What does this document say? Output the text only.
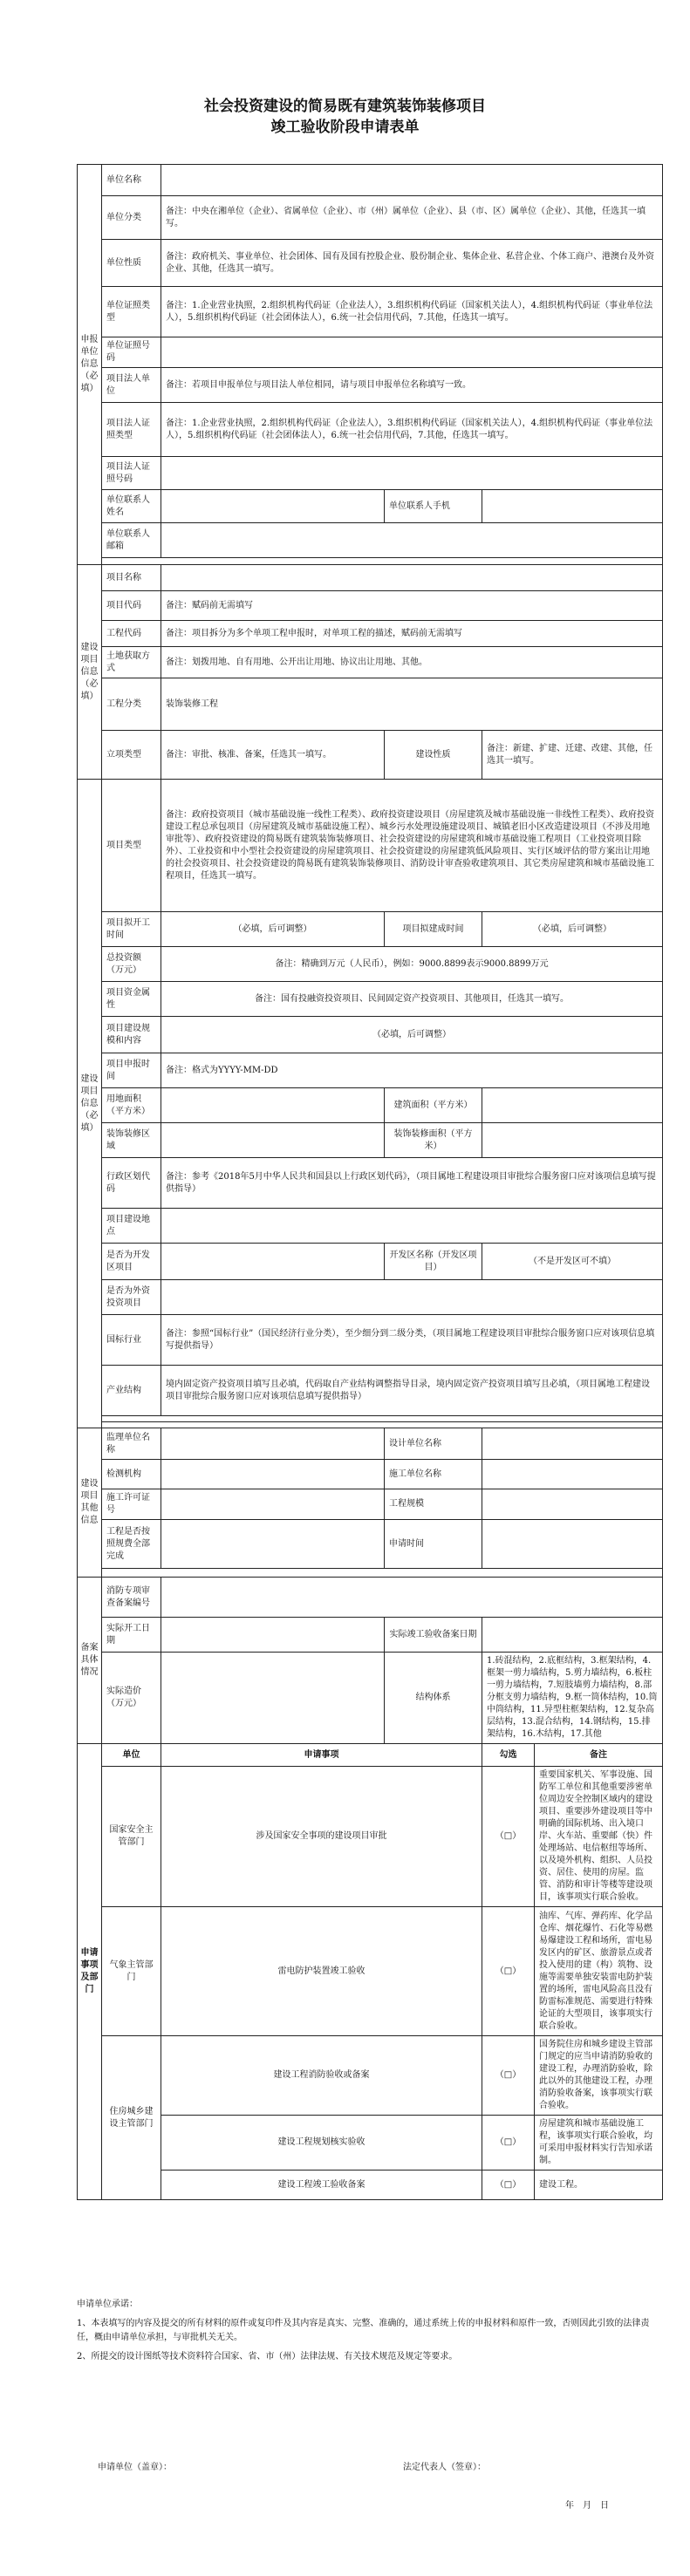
社会投资建设的简易既有建筑装饰装修项目
竣工验收阶段申请表单
申报单位信息（必填）	单位名称				
	单位分类	备注：中央在湘单位（企业）、省属单位（企业）、市（州）属单位（企业）、县（市、区）属单位（企业）、其他，任选其一填写。			
	单位性质	备注：政府机关、事业单位、社会团体、国有及国有控股企业、股份制企业、集体企业、私营企业、个体工商户、港澳台及外资企业、其他，任选其一填写。			
	单位证照类型	备注：1.企业营业执照，2.组织机构代码证（企业法人），3.组织机构代码证（国家机关法人），4.组织机构代码证（事业单位法人），5.组织机构代码证（社会团体法人），6.统一社会信用代码，7.其他，任选其一填写。			
	单位证照号码				
	项目法人单位	备注：若项目申报单位与项目法人单位相同，请与项目申报单位名称填写一致。			
	项目法人证照类型	备注：1.企业营业执照，2.组织机构代码证（企业法人），3.组织机构代码证（国家机关法人），4.组织机构代码证（事业单位法人），5.组织机构代码证（社会团体法人），6.统一社会信用代码，7.其他，任选其一填写。			
	项目法人证照号码				
	单位联系人姓名		单位联系人手机		
	单位联系人邮箱				

建设项目信息（必填）	项目名称				
	项目代码	备注：赋码前无需填写			
	工程代码	备注：项目拆分为多个单项工程申报时，对单项工程的描述，赋码前无需填写			
	土地获取方式	备注：划拨用地、自有用地、公开出让用地、协议出让用地、其他。			
	工程分类	装饰装修工程			
	立项类型	备注：审批、核准、备案，任选其一填写。	建设性质	备注：新建、扩建、迁建、改建、其他，任选其一填写。	
建设项目信息（必填）	项目类型	备注：政府投资项目（城市基础设施一线性工程类）、政府投资建设项目（房屋建筑及城市基础设施一非线性工程类）、政府投资建设工程总承包项目（房屋建筑及城市基础设施工程）、城乡污水处理设施建设项目、城镇老旧小区改造建设项目（不涉及用地审批等）、政府投资建设的简易既有建筑装饰装修项目、社会投资建设的房屋建筑和城市基础设施工程项目（工业投资项目除外）、工业投资和中小型社会投资建设的房屋建筑项目、社会投资建设的房屋建筑低风险项目、实行区域评估的带方案出让用地的社会投资项目、社会投资建设的简易既有建筑装饰装修项目、消防设计审查验收建筑项目、其它类房屋建筑和城市基础设施工程项目，任选其一填写。			
	项目拟开工时间	（必填，后可调整）	项目拟建成时间	（必填，后可调整）	
	总投资额（万元）	备注：精确到万元（人民币），例如：9000.8899表示9000.8899万元			
	项目资金属性	备注：国有投融资投资项目、民间固定资产投资项目、其他项目，任选其一填写。			
	项目建设规模和内容	（必填，后可调整）			
	项目申报时间	备注：格式为YYYY-MM-DD			
	用地面积（平方米）		建筑面积（平方米）		
	装饰装修区域		装饰装修面积（平方米）		
	行政区划代码	备注：参考《2018年5月中华人民共和国县以上行政区划代码》，（项目属地工程建设项目审批综合服务窗口应对该项信息填写提供指导）			
	项目建设地点				
	是否为开发区项目		开发区名称（开发区项目）	（不是开发区可不填）	
	是否为外资投资项目				
	国标行业	备注：参照“国标行业”（国民经济行业分类），至少细分到二级分类，（项目属地工程建设项目审批综合服务窗口应对该项信息填写提供指导）			
	产业结构	境内固定资产投资项目填写且必填，代码取自产业结构调整指导目录，境内固定资产投资项目填写且必填，（项目属地工程建设项目审批综合服务窗口应对该项信息填写提供指导）			

建设项目其他信息	监理单位名称		设计单位名称		
	检测机构		施工单位名称		
	施工许可证号		工程规模		
	工程是否按照规费全部完成		申请时间		

备案具体情况	消防专项审查备案编号				
	实际开工日期		实际竣工验收备案日期		
	实际造价（万元）		结构体系	1.砖混结构，2.底框结构，3.框架结构，4.框架一剪力墙结构，5.剪力墙结构，6.板柱一剪力墙结构，7.短肢墙剪力墙结构，8.部分框支剪力墙结构，9.框一筒体结构，10.筒中筒结构，11.异型柱框架结构，12.复杂高层结构，13.混合结构，14.钢结构，15.排架结构，16.木结构，17.其他	
申请事项及部门	单位	申请事项		勾选	备注
	国家安全主管部门	涉及国家安全事项的建设项目审批		（□）	重要国家机关、军事设施、国防军工单位和其他重要涉密单位周边安全控制区域内的建设项目、重要涉外建设项目等中明确的国际机场、出入境口岸、火车站、重要邮（快）件处理场站、电信枢纽等场所、以及境外机构、组织、人员投资、居住、使用的房屋。监管、消防和审计等楼等建设项目，该事项实行联合验收。
	气象主管部门	雷电防护装置竣工验收		（□）	油库、气库、弹药库、化学品仓库、烟花爆竹、石化等易燃易爆建设工程和场所，雷电易发区内的矿区、旅游景点或者投入使用的建（构）筑物、设施等需要单独安装雷电防护装置的场所，雷电风险高且没有防雷标准规范、需要进行特殊论证的大型项目，该事项实行联合验收。
	住房城乡建设主管部门	建设工程消防验收或备案		（□）	国务院住房和城乡建设主管部门规定的应当申请消防验收的建设工程，办理消防验收，除此以外的其他建设工程，办理消防验收备案，该事项实行联合验收。
		建设工程规划核实验收		（□）	房屋建筑和城市基础设施工程，该事项实行联合验收，均可采用申报材料实行告知承诺制。
		建设工程竣工验收备案		（□）	建设工程。

申请单位承诺：

1、本表填写的内容及提交的所有材料的原件或复印件及其内容是真实、完整、准确的，通过系统上传的申报材料和原件一致，否则因此引致的法律责任，概由申请单位承担，与审批机关无关。

2、所提交的设计图纸等技术资料符合国家、省、市（州）法律法规、有关技术规范及规定等要求。

申请单位（盖章）：	法定代表人（签章）：
年　月　日
